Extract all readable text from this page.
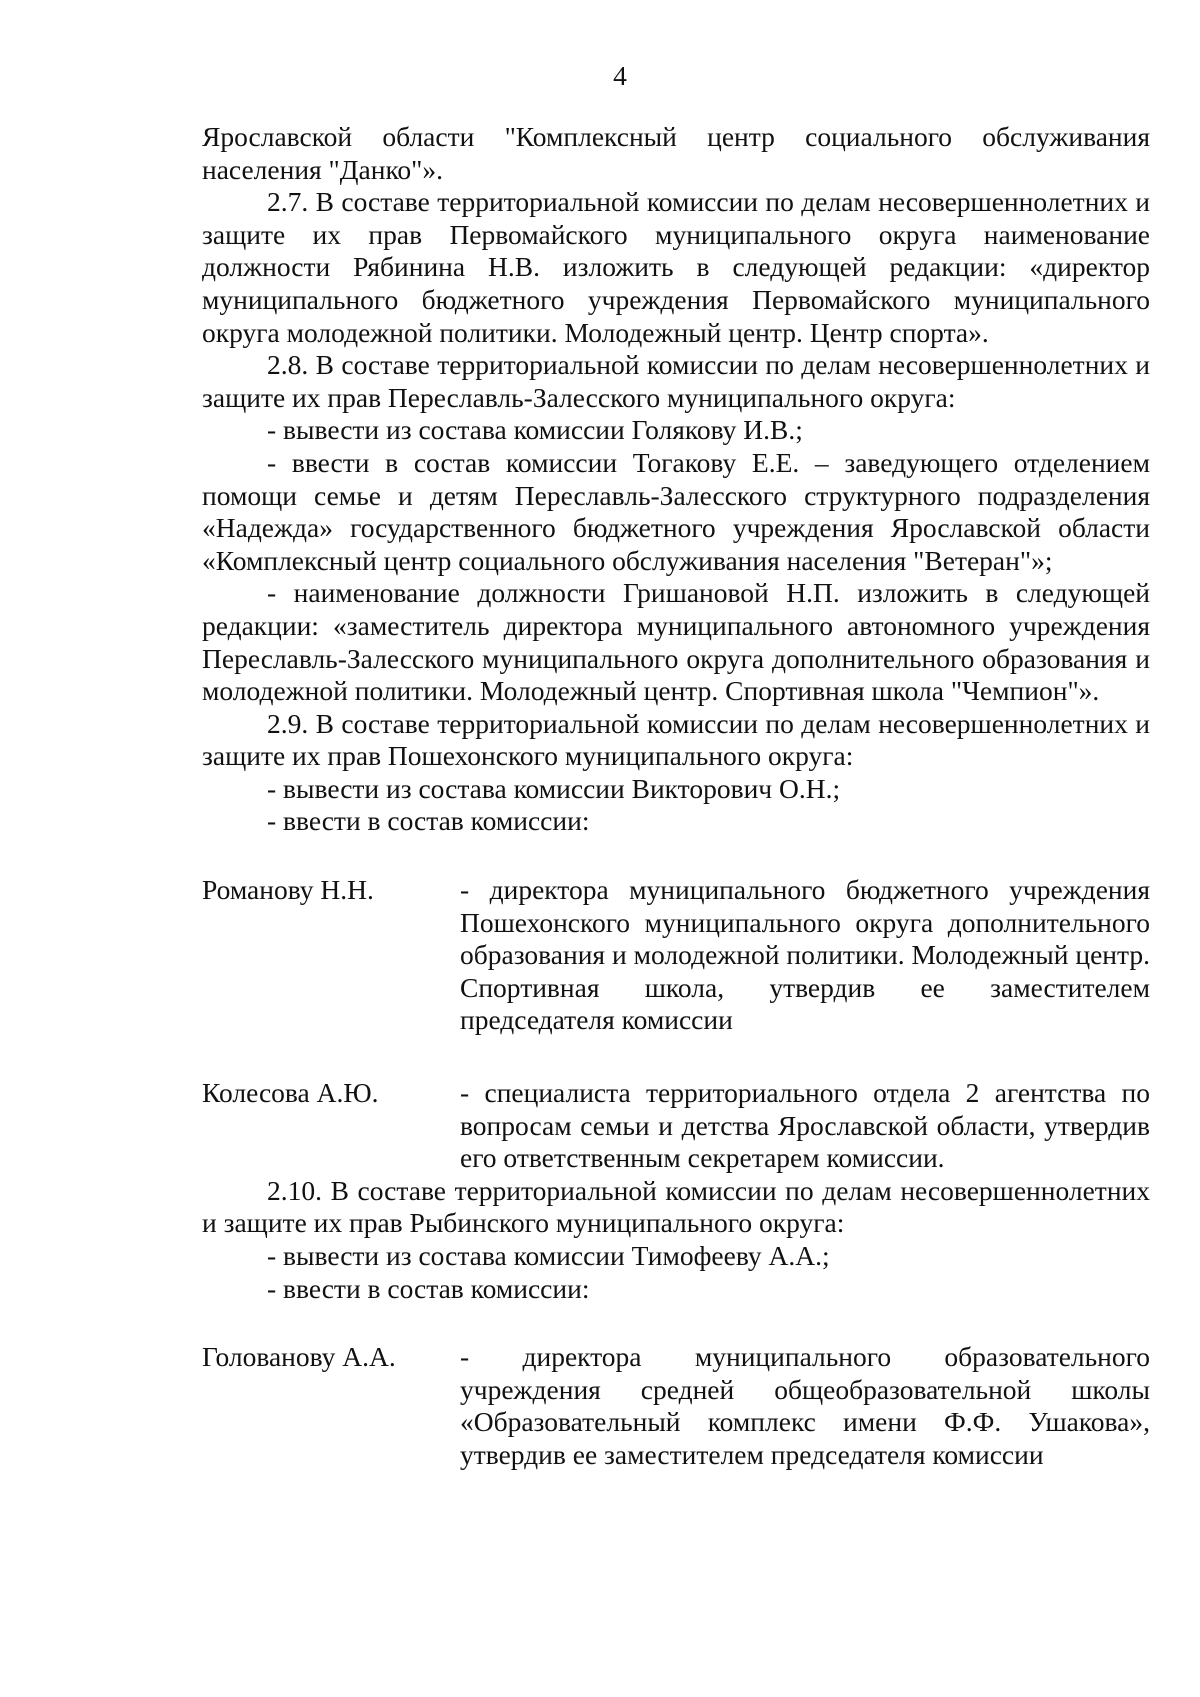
4

Ярославской области "Комплексный центр социального обслуживания населения "Данко"».

2.7. В составе территориальной комиссии по делам несовершеннолетних и защите их прав Первомайского муниципального округа наименование должности Рябинина Н.В. изложить в следующей редакции: «директор муниципального бюджетного учреждения Первомайского муниципального округа молодежной политики. Молодежный центр. Центр спорта».

2.8. В составе территориальной комиссии по делам несовершеннолетних и защите их прав Переславль-Залесского муниципального округа:

- вывести из состава комиссии Голякову И.В.;

- ввести в состав комиссии Тогакову Е.Е. – заведующего отделением помощи семье и детям Переславль-Залесского структурного подразделения «Надежда» государственного бюджетного учреждения Ярославской области «Комплексный центр социального обслуживания населения "Ветеран"»;

- наименование должности Гришановой Н.П. изложить в следующей редакции: «заместитель директора муниципального автономного учреждения Переславль-Залесского муниципального округа дополнительного образования и молодежной политики. Молодежный центр. Спортивная школа "Чемпион"».

2.9. В составе территориальной комиссии по делам несовершеннолетних и защите их прав Пошехонского муниципального округа:

- вывести из состава комиссии Викторович О.Н.;

- ввести в состав комиссии:

Романову Н.Н.	- директора муниципального бюджетного учреждения Пошехонского муниципального округа дополнительного образования и молодежной политики. Молодежный центр. Спортивная школа, утвердив ее заместителем председателя комиссии
Колесова А.Ю.	- специалиста территориального отдела 2 агентства по вопросам семьи и детства Ярославской области, утвердив его ответственным секретарем комиссии.

2.10. В составе территориальной комиссии по делам несовершеннолетних и защите их прав Рыбинского муниципального округа:

- вывести из состава комиссии Тимофееву А.А.;

- ввести в состав комиссии:

Голованову А.А.	- директора муниципального образовательного учреждения средней общеобразовательной школы «Образовательный комплекс имени Ф.Ф. Ушакова», утвердив ее заместителем председателя комиссии
